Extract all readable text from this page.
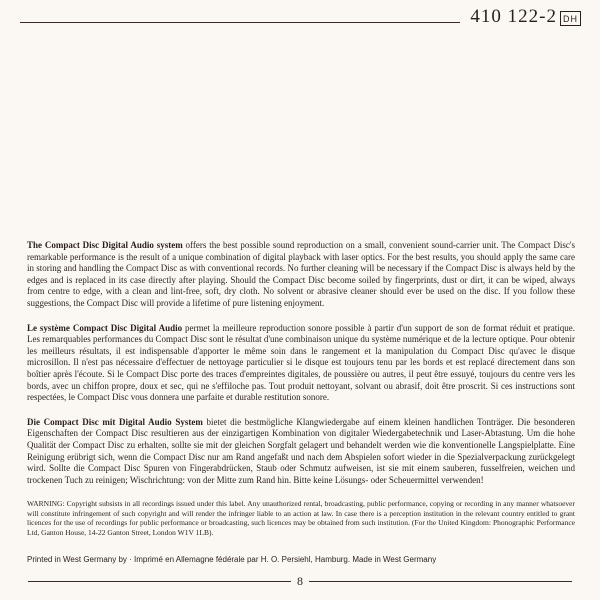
410 122-2 DH

The Compact Disc Digital Audio system offers the best possible sound reproduction on a small, convenient sound-carrier unit. The Compact Disc's remarkable performance is the result of a unique combination of digital playback with laser optics. For the best results, you should apply the same care in storing and handling the Compact Disc as with conventional records. No further cleaning will be necessary if the Compact Disc is always held by the edges and is replaced in its case directly after playing. Should the Compact Disc become soiled by fingerprints, dust or dirt, it can be wiped, always from centre to edge, with a clean and lint-free, soft, dry cloth. No solvent or abrasive cleaner should ever be used on the disc. If you follow these suggestions, the Compact Disc will provide a lifetime of pure listening enjoyment.

Le système Compact Disc Digital Audio permet la meilleure reproduction sonore possible à partir d'un support de son de format réduit et pratique. Les remarquables performances du Compact Disc sont le résultat d'une combinaison unique du système numérique et de la lecture optique. Pour obtenir les meilleurs résultats, il est indispensable d'apporter le même soin dans le rangement et la manipulation du Compact Disc qu'avec le disque microsillon. Il n'est pas nécessaire d'effectuer de nettoyage particulier si le disque est toujours tenu par les bords et est replacé directement dans son boîtier après l'écoute. Si le Compact Disc porte des traces d'empreintes digitales, de poussière ou autres, il peut être essuyé, toujours du centre vers les bords, avec un chiffon propre, doux et sec, qui ne s'effiloche pas. Tout produit nettoyant, solvant ou abrasif, doit être proscrit. Si ces instructions sont respectées, le Compact Disc vous donnera une parfaite et durable restitution sonore.

Die Compact Disc mit Digital Audio System bietet die bestmögliche Klangwiedergabe auf einem kleinen handlichen Tonträger. Die besonderen Eigenschaften der Compact Disc resultieren aus der einzigartigen Kombination von digitaler Wiedergabetechnik und Laser-Abtastung. Um die hohe Qualität der Compact Disc zu erhalten, sollte sie mit der gleichen Sorgfalt gelagert und behandelt werden wie die konventionelle Langspielplatte. Eine Reinigung erübrigt sich, wenn die Compact Disc nur am Rand angefaßt und nach dem Abspielen sofort wieder in die Spezialverpackung zurückgelegt wird. Sollte die Compact Disc Spuren von Fingerabdrücken, Staub oder Schmutz aufweisen, ist sie mit einem sauberen, fusselfreien, weichen und trockenen Tuch zu reinigen; Wischrichtung: von der Mitte zum Rand hin. Bitte keine Lösungs- oder Scheuermittel verwenden!

WARNING: Copyright subsists in all recordings issued under this label. Any unauthorized rental, broadcasting, public performance, copying or recording in any manner whatsoever will constitute infringement of such copyright and will render the infringer liable to an action at law. In case there is a perception institution in the relevant country entitled to grant licences for the use of recordings for public performance or broadcasting, such licences may be obtained from such institution. (For the United Kingdom: Phonographic Performance Ltd, Ganton House, 14-22 Ganton Street, London W1V 1LB).

Printed in West Germany by · Imprimé en Allemagne fédérale par H. O. Persiehl, Hamburg. Made in West Germany
8
